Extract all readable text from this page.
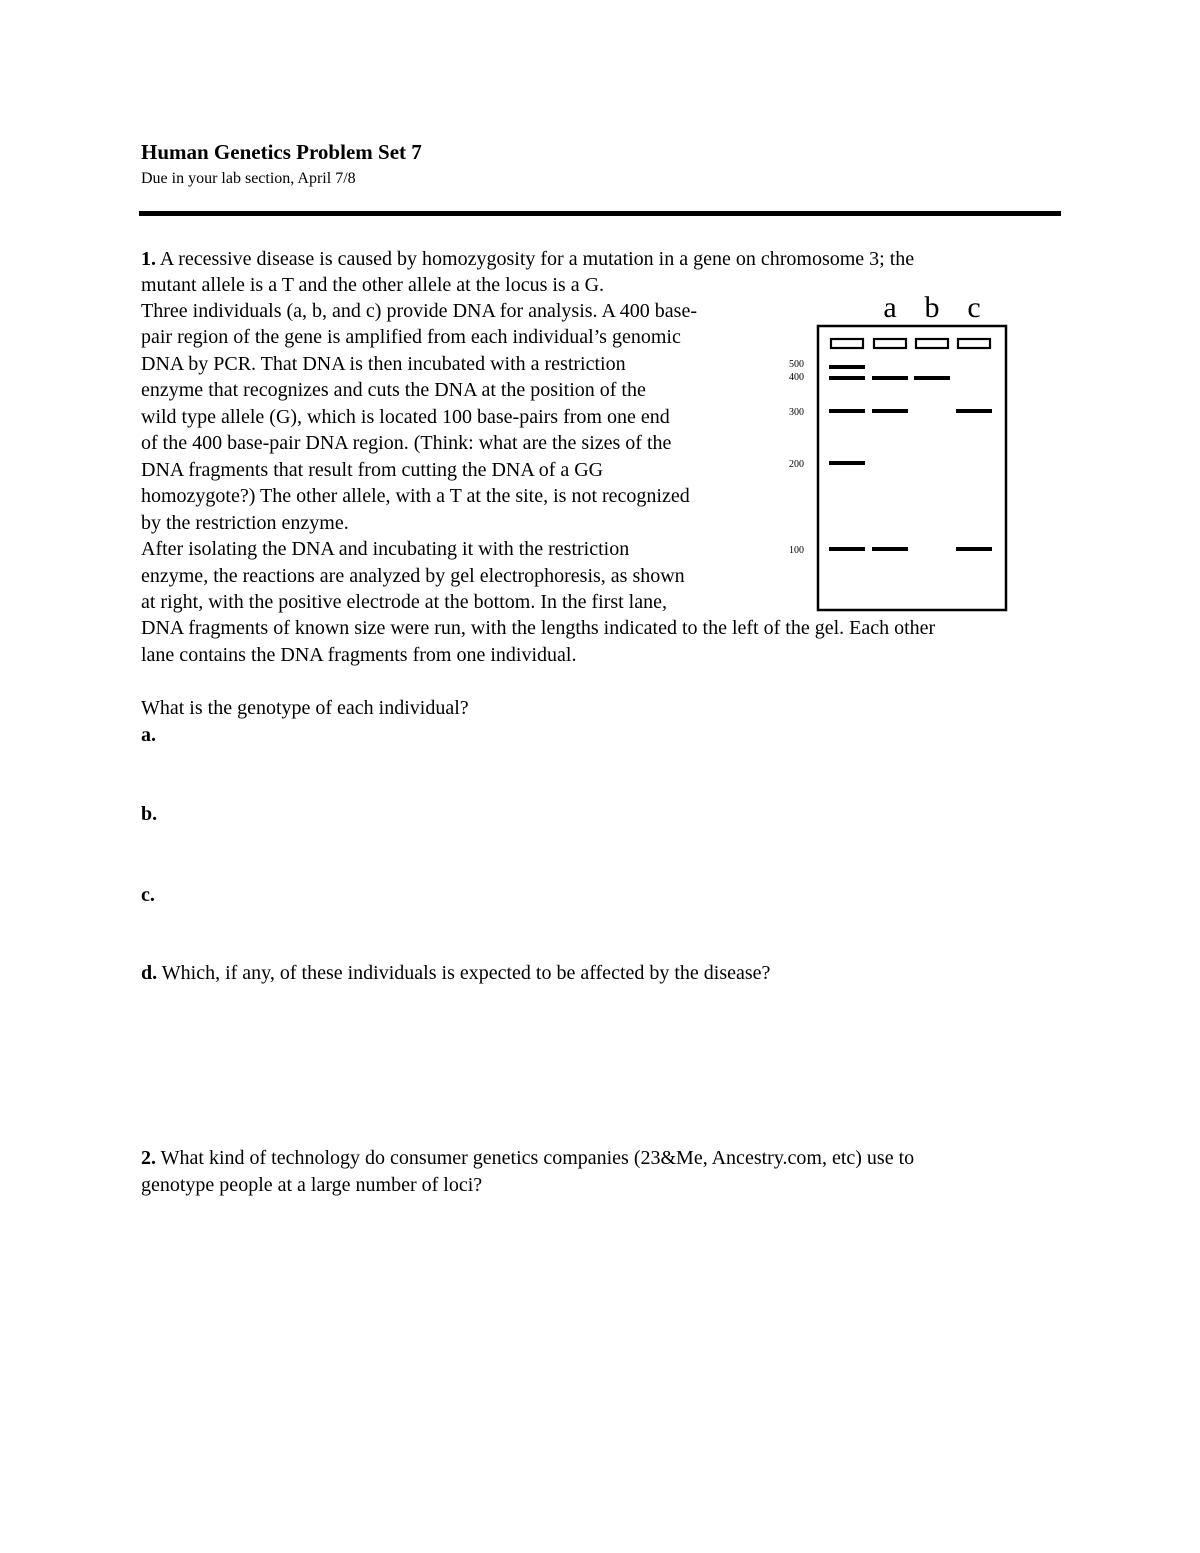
Human Genetics Problem Set 7
Due in your lab section, April 7/8
1. A recessive disease is caused by homozygosity for a mutation in a gene on chromosome 3; the
mutant allele is a T and the other allele at the locus is a G.
Three individuals (a, b, and c) provide DNA for analysis. A 400 base-
pair region of the gene is amplified from each individual’s genomic
DNA by PCR. That DNA is then incubated with a restriction
enzyme that recognizes and cuts the DNA at the position of the
wild type allele (G), which is located 100 base-pairs from one end
of the 400 base-pair DNA region. (Think: what are the sizes of the
DNA fragments that result from cutting the DNA of a GG
homozygote?) The other allele, with a T at the site, is not recognized
by the restriction enzyme.
After isolating the DNA and incubating it with the restriction
enzyme, the reactions are analyzed by gel electrophoresis, as shown
at right, with the positive electrode at the bottom. In the first lane,
DNA fragments of known size were run, with the lengths indicated to the left of the gel. Each other
lane contains the DNA fragments from one individual.
What is the genotype of each individual?
a.
b.
c.
d. Which, if any, of these individuals is expected to be affected by the disease?
2. What kind of technology do consumer genetics companies (23&Me, Ancestry.com, etc) use to
genotype people at a large number of loci?
a b c
500
400
300
200
100
